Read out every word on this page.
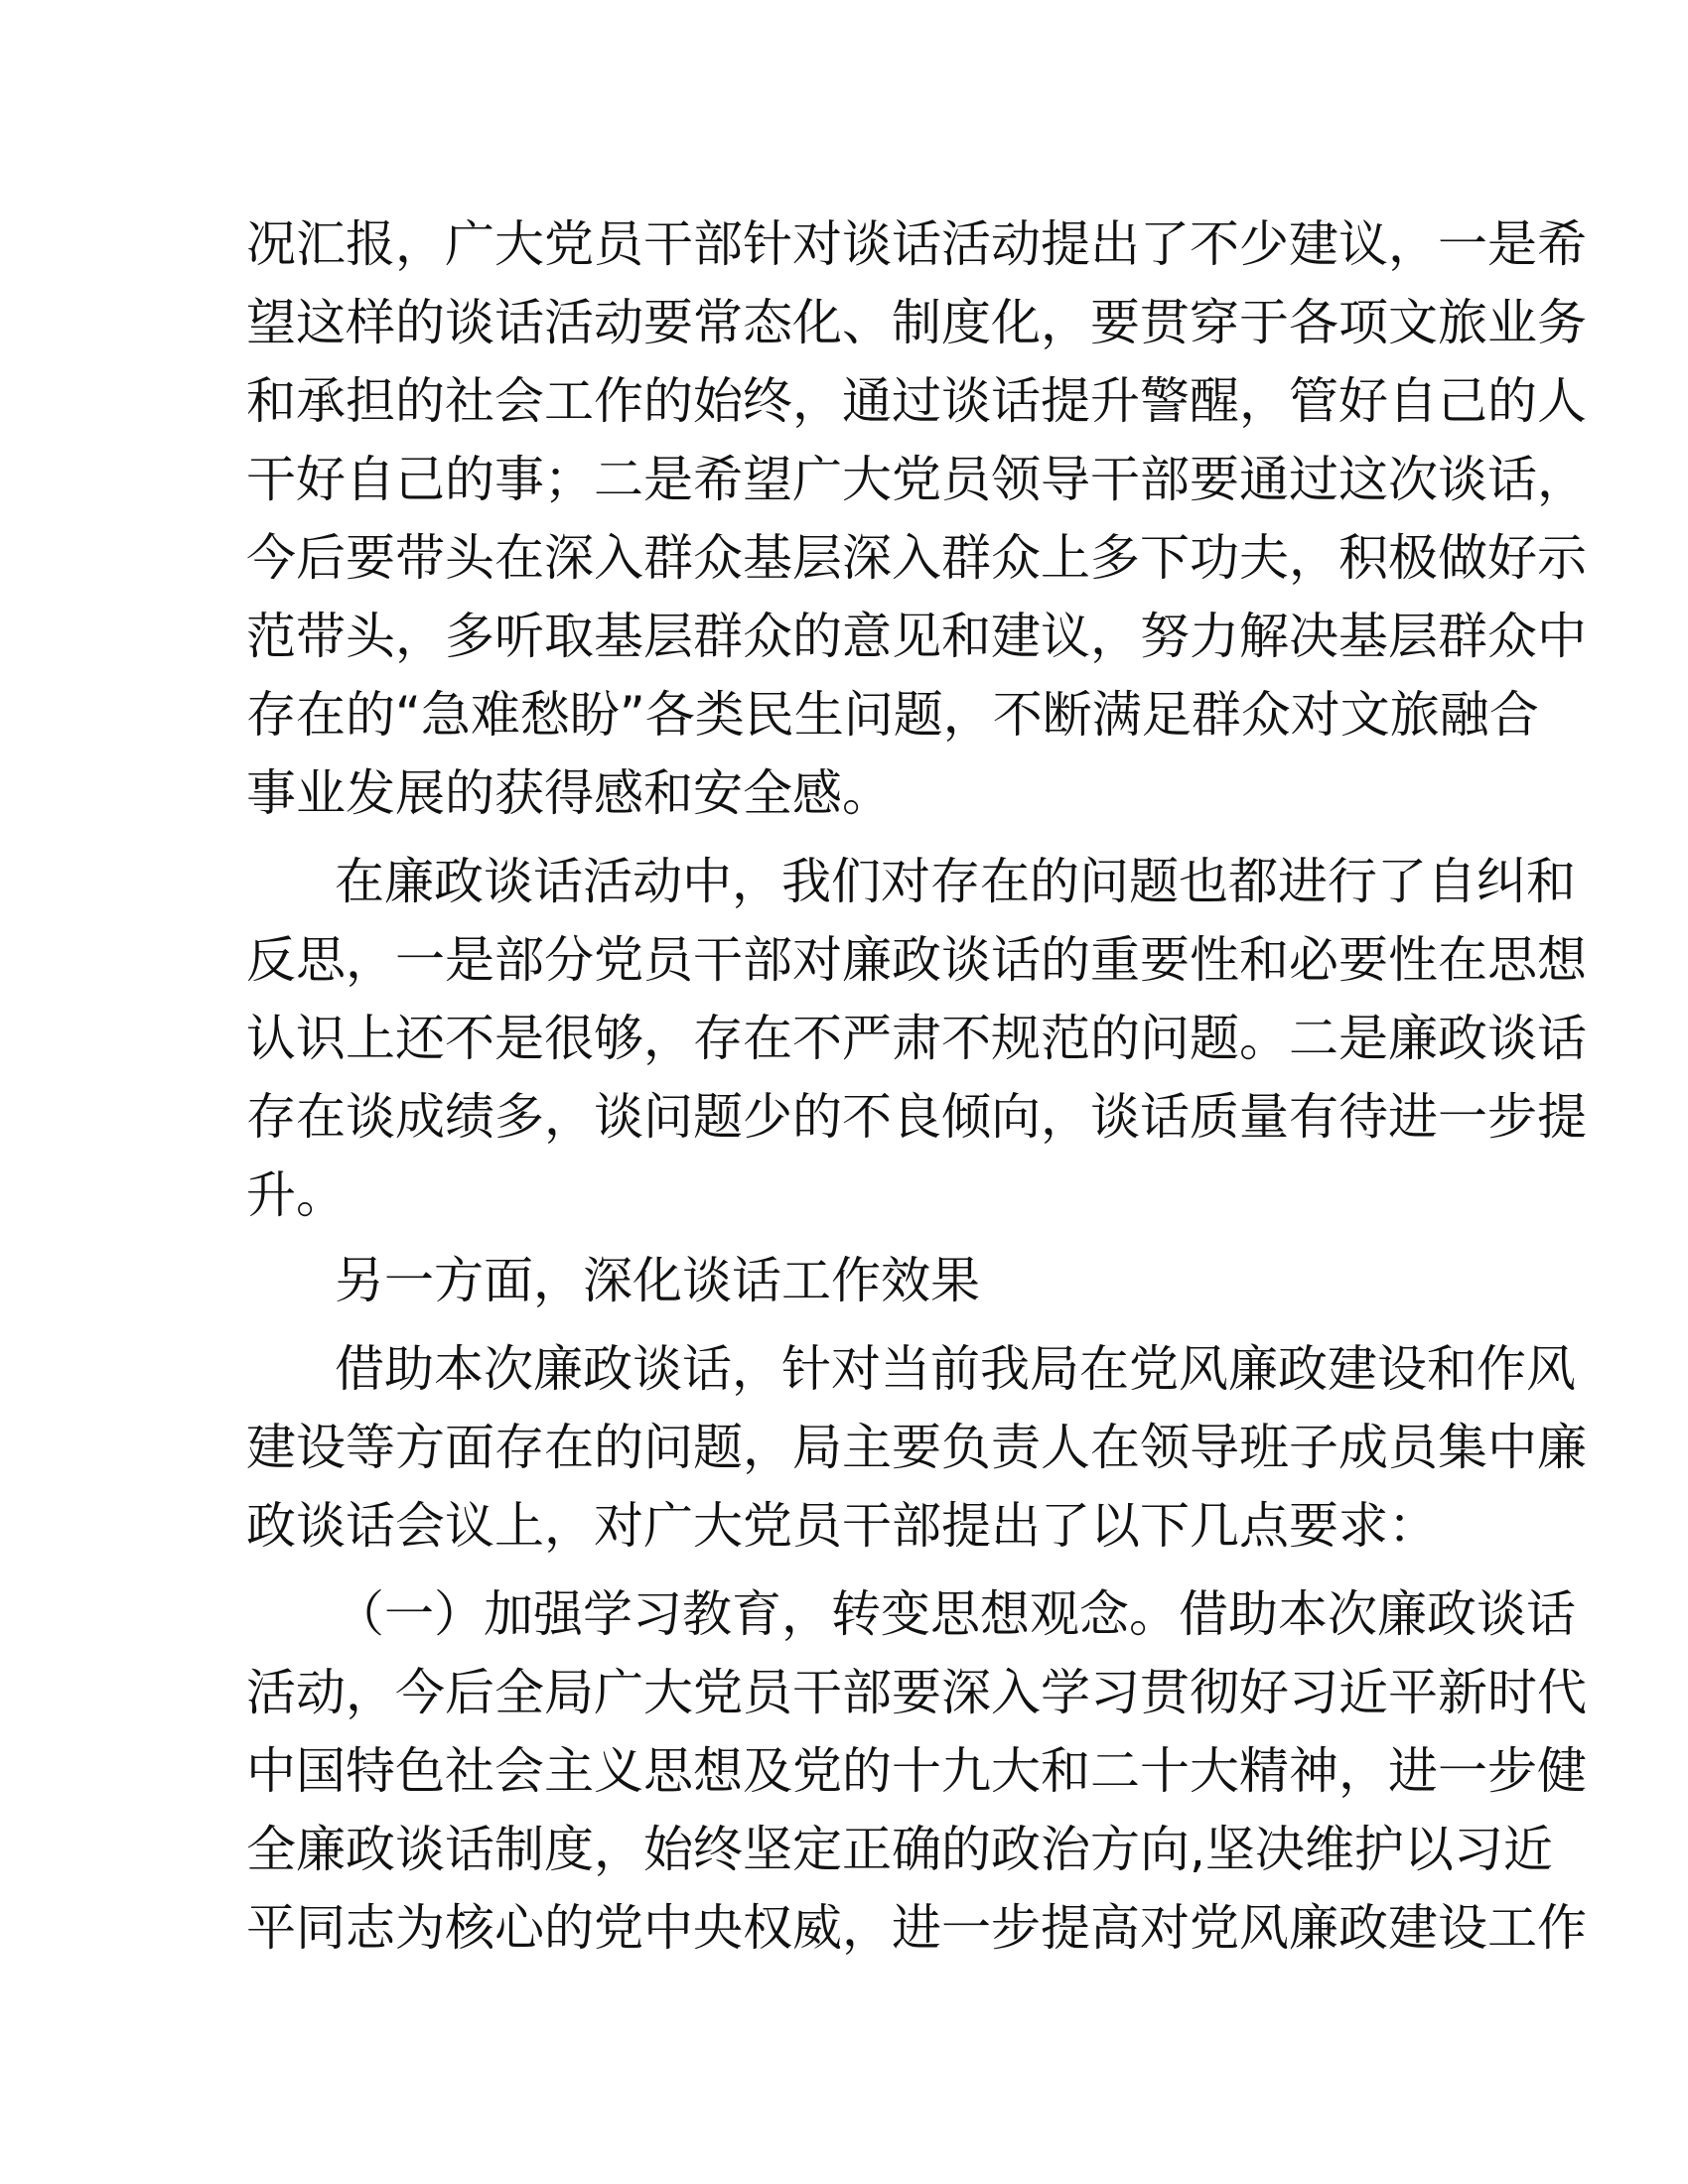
况汇报，广大党员干部针对谈话活动提出了不少建议，一是希
望这样的谈话活动要常态化、制度化，要贯穿于各项文旅业务
和承担的社会工作的始终，通过谈话提升警醒，管好自己的人
干好自己的事；二是希望广大党员领导干部要通过这次谈话，
今后要带头在深入群众基层深入群众上多下功夫，积极做好示
范带头，多听取基层群众的意见和建议，努力解决基层群众中
存在的“急难愁盼”各类民生问题，不断满足群众对文旅融合
事业发展的获得感和安全感。
在廉政谈话活动中，我们对存在的问题也都进行了自纠和
反思，一是部分党员干部对廉政谈话的重要性和必要性在思想
认识上还不是很够，存在不严肃不规范的问题。二是廉政谈话
存在谈成绩多，谈问题少的不良倾向，谈话质量有待进一步提
升。
另一方面，深化谈话工作效果
借助本次廉政谈话，针对当前我局在党风廉政建设和作风
建设等方面存在的问题，局主要负责人在领导班子成员集中廉
政谈话会议上，对广大党员干部提出了以下几点要求：
（一）加强学习教育，转变思想观念。借助本次廉政谈话
活动，今后全局广大党员干部要深入学习贯彻好习近平新时代
中国特色社会主义思想及党的十九大和二十大精神，进一步健
全廉政谈话制度，始终坚定正确的政治方向,坚决维护以习近
平同志为核心的党中央权威，进一步提高对党风廉政建设工作
